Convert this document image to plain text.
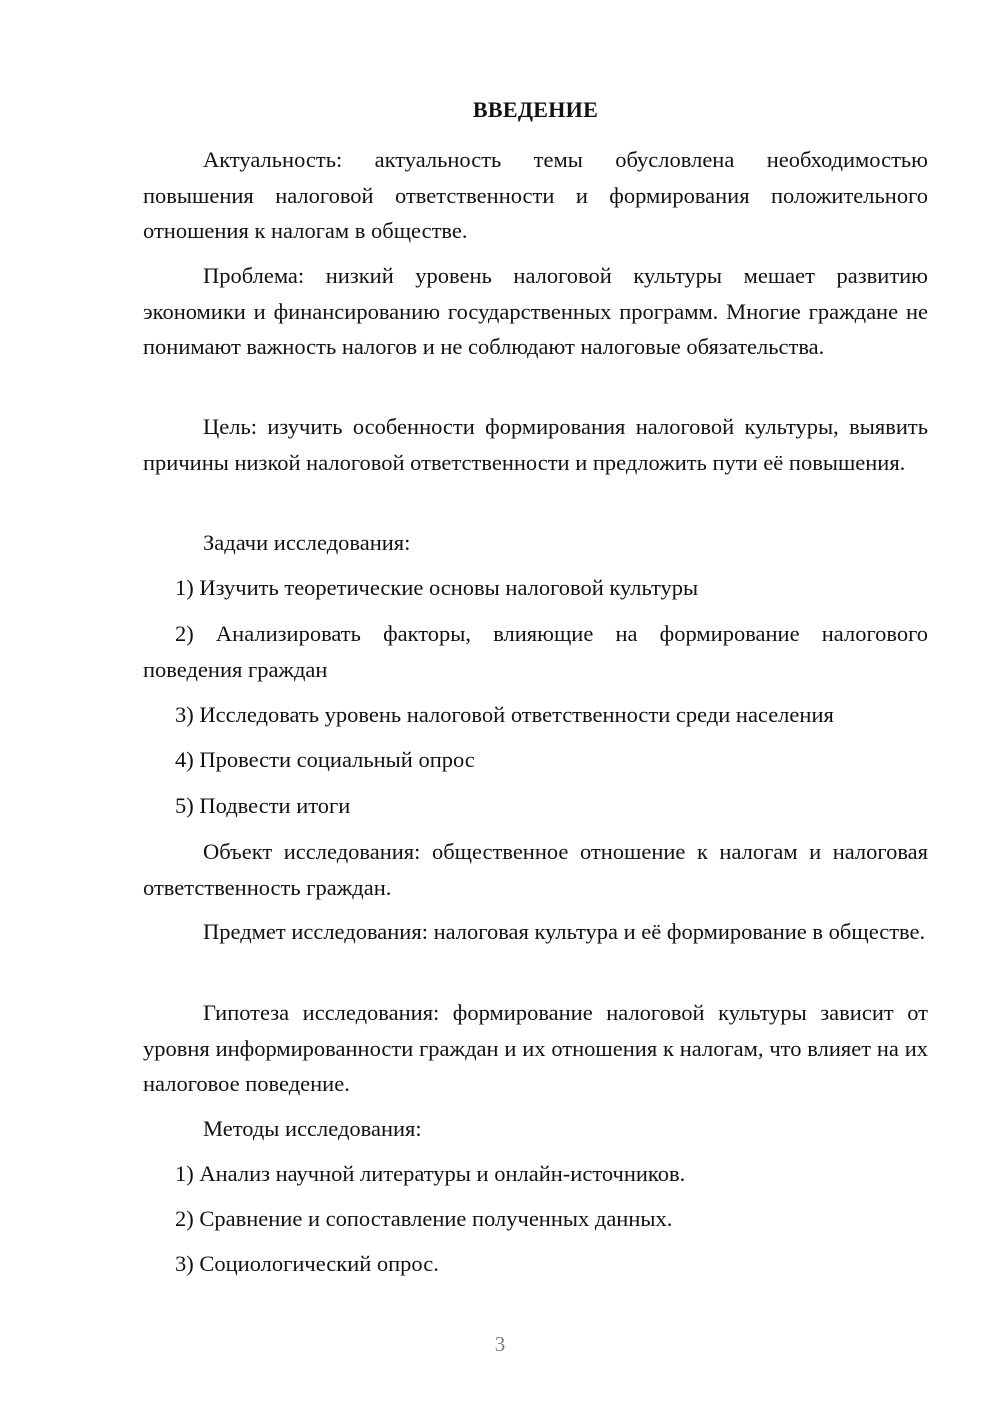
ВВЕДЕНИЕ

Актуальность: актуальность темы обусловлена необходимостью повышения налоговой ответственности и формирования положительного отношения к налогам в обществе.

Проблема: низкий уровень налоговой культуры мешает развитию экономики и финансированию государственных программ. Многие граждане не понимают важность налогов и не соблюдают налоговые обязательства.

Цель: изучить особенности формирования налоговой культуры, выявить причины низкой налоговой ответственности и предложить пути её повышения.

Задачи исследования:

1) Изучить теоретические основы налоговой культуры

2) Анализировать факторы, влияющие на формирование налогового поведения граждан

3) Исследовать уровень налоговой ответственности среди населения

4) Провести социальный опрос

5) Подвести итоги

Объект исследования: общественное отношение к налогам и налоговая ответственность граждан.

Предмет исследования: налоговая культура и её формирование в обществе.

Гипотеза исследования: формирование налоговой культуры зависит от уровня информированности граждан и их отношения к налогам, что влияет на их налоговое поведение.

Методы исследования:

1) Анализ научной литературы и онлайн-источников.

2) Сравнение и сопоставление полученных данных.

3) Социологический опрос.

3
